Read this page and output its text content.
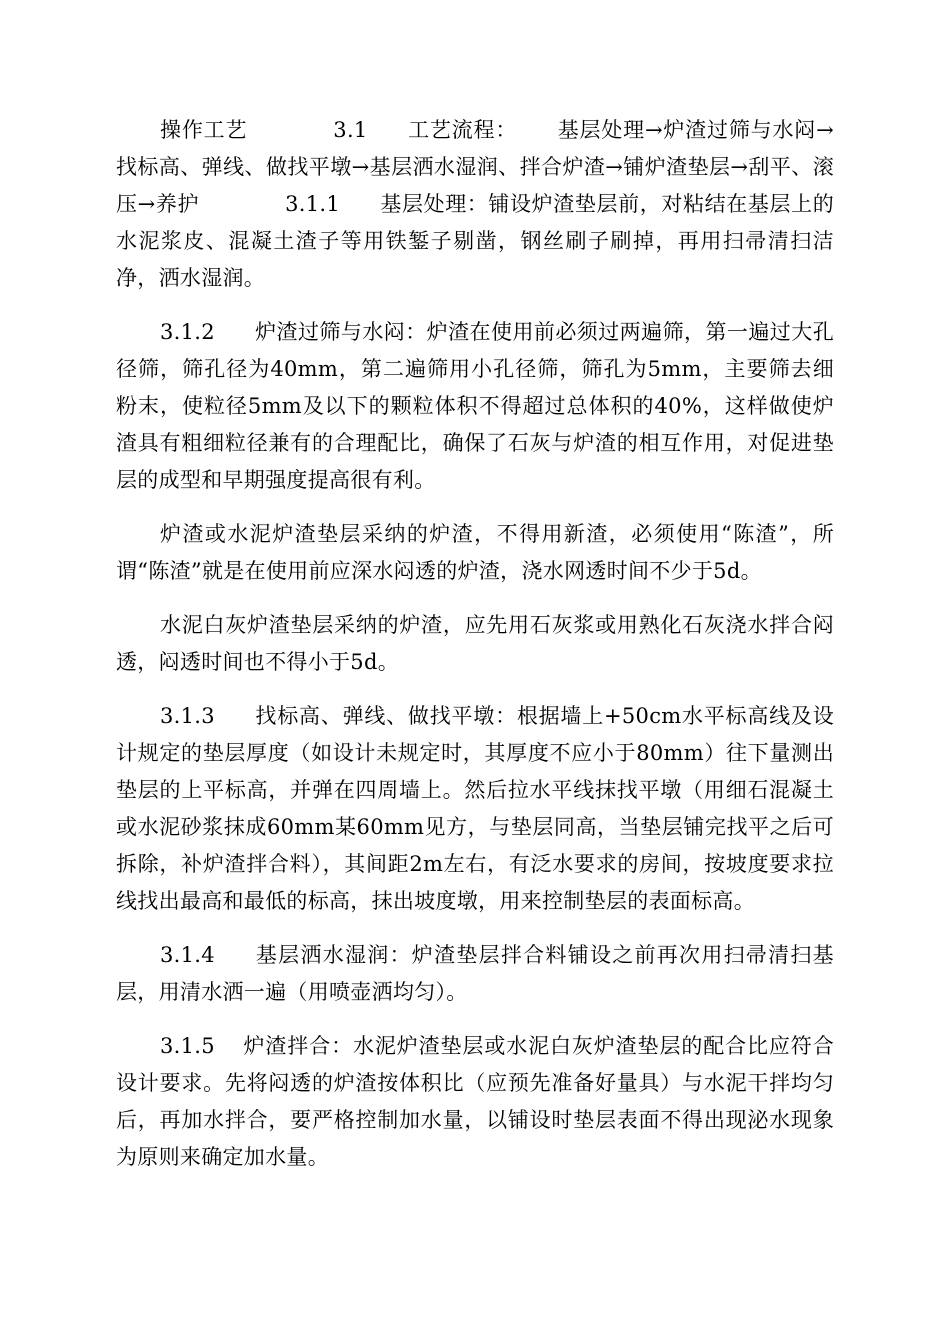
操作工艺	3.1 工艺流程： 基层处理→炉渣过筛与水闷→找标高、弹线、做找平墩→基层洒水湿润、拌合炉渣→铺炉渣垫层→刮平、滚压→养护	3.1.1 基层处理：铺设炉渣垫层前，对粘结在基层上的水泥浆皮、混凝土渣子等用铁錾子剔凿，钢丝刷子刷掉，再用扫帚清扫洁净，洒水湿润。

3.1.2 炉渣过筛与水闷：炉渣在使用前必须过两遍筛，第一遍过大孔径筛，筛孔径为40mm，第二遍筛用小孔径筛，筛孔为5mm，主要筛去细粉末，使粒径5mm及以下的颗粒体积不得超过总体积的40%，这样做使炉渣具有粗细粒径兼有的合理配比，确保了石灰与炉渣的相互作用，对促进垫层的成型和早期强度提高很有利。

炉渣或水泥炉渣垫层采纳的炉渣，不得用新渣，必须使用“陈渣”，所谓“陈渣”就是在使用前应深水闷透的炉渣，浇水网透时间不少于5d。

水泥白灰炉渣垫层采纳的炉渣，应先用石灰浆或用熟化石灰浇水拌合闷透，闷透时间也不得小于5d。

3.1.3 找标高、弹线、做找平墩：根据墙上+50cm水平标高线及设计规定的垫层厚度（如设计未规定时，其厚度不应小于80mm）往下量测出垫层的上平标高，并弹在四周墙上。然后拉水平线抹找平墩（用细石混凝土或水泥砂浆抹成60mm某60mm见方，与垫层同高，当垫层铺完找平之后可拆除，补炉渣拌合料），其间距2m左右，有泛水要求的房间，按坡度要求拉线找出最高和最低的标高，抹出坡度墩，用来控制垫层的表面标高。

3.1.4 基层洒水湿润：炉渣垫层拌合料铺设之前再次用扫帚清扫基层，用清水洒一遍（用喷壶洒均匀）。

3.1.5 炉渣拌合：水泥炉渣垫层或水泥白灰炉渣垫层的配合比应符合设计要求。先将闷透的炉渣按体积比（应预先准备好量具）与水泥干拌均匀后，再加水拌合，要严格控制加水量，以铺设时垫层表面不得出现泌水现象为原则来确定加水量。
